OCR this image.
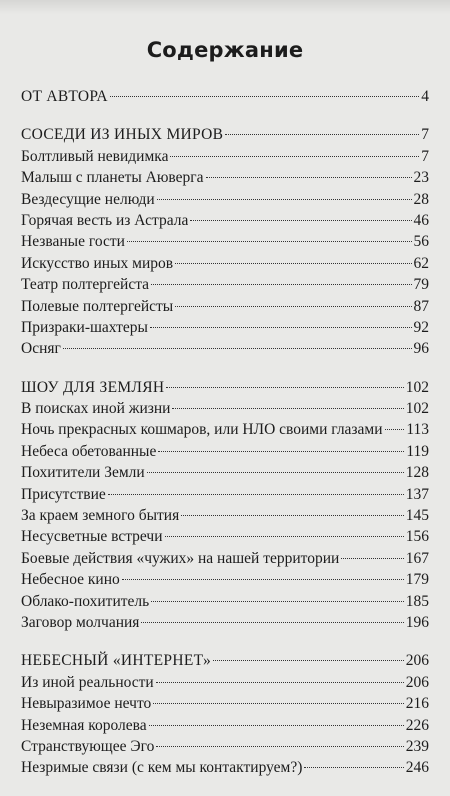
Содержание
ОТ АВТОРА	4
СОСЕДИ ИЗ ИНЫХ МИРОВ	7
Болтливый невидимка	7
Малыш с планеты Аюверга	23
Вездесущие нелюди	28
Горячая весть из Астрала	46
Незваные гости	56
Искусство иных миров	62
Театр полтергейста	79
Полевые полтергейсты	87
Призраки-шахтеры	92
Осняг	96
ШОУ ДЛЯ ЗЕМЛЯН	102
В поисках иной жизни	102
Ночь прекрасных кошмаров, или НЛО своими глазами 113
Небеса обетованные	119
Похитители Земли	128
Присутствие	137
За краем земного бытия	145
Несусветные встречи	156
Боевые действия «чужих» на нашей территории	167
Небесное кино	179
Облако-похититель	185
Заговор молчания	196
НЕБЕСНЫЙ «ИНТЕРНЕТ»	206
Из иной реальности	206
Невыразимое нечто	216
Неземная королева	226
Странствующее Эго	239
Незримые связи (с кем мы контактируем?)	246
